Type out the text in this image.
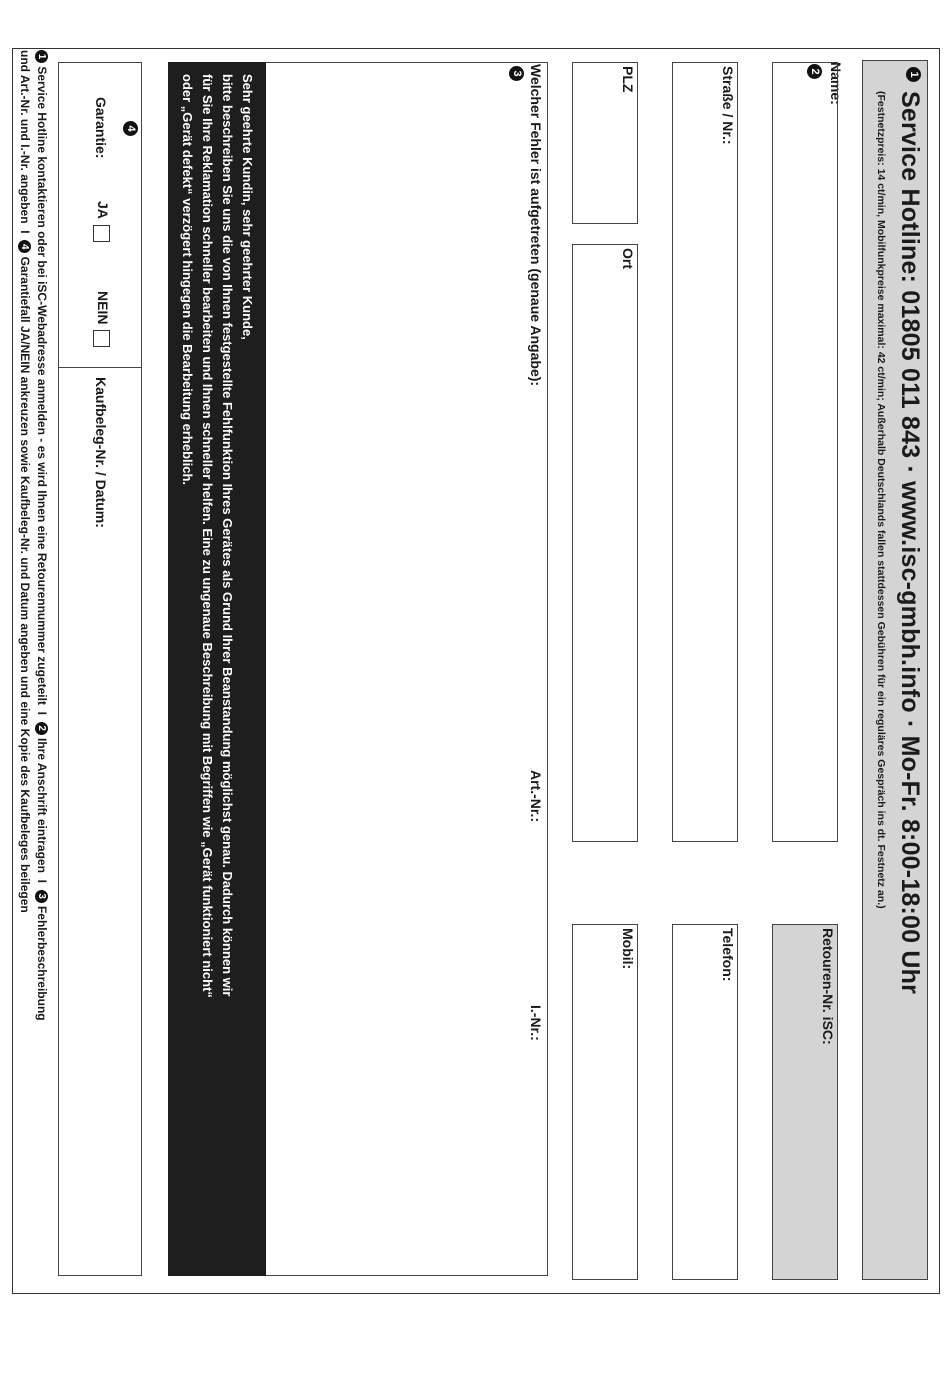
1
Service Hotline: 01805 011 843 · www.isc-gmbh.info · Mo-Fr. 8:00-18:00 Uhr
(Festnetzpreis: 14 ct/min, Mobilfunkpreise maximal: 42 ct/min; Außerhalb Deutschlands fallen stattdessen Gebühren für ein reguläres Gespräch ins dt. Festnetz an.)
Name:
2
Retouren-Nr. iSC:
Straße / Nr.:
Telefon:
PLZ
Ort
Mobil:
Welcher Fehler ist aufgetreten (genaue Angabe):
3
Art.-Nr.:
I.-Nr.:
Sehr geehrte Kundin, sehr geehrter Kunde,
bitte beschreiben Sie uns die von Ihnen festgestellte Fehlfunktion Ihres Gerätes als Grund Ihrer Beanstandung möglichst genau. Dadurch können wir
für Sie Ihre Reklamation schneller bearbeiten und Ihnen schneller helfen. Eine zu ungenaue Beschreibung mit Begriffen wie „Gerät funktioniert nicht“
oder „Gerät defekt“ verzögert hingegen die Bearbeitung erheblich.
4
Garantie:
JA
NEIN
Kaufbeleg-Nr. / Datum:
1 Service Hotline kontaktieren oder bei iSC-Webadresse anmelden - es wird Ihnen eine Retourennummer zugeteilt  I  2 Ihre Anschrift eintragen  I  3 Fehlerbeschreibung
und Art.-Nr. und I.-Nr. angeben  I  4 Garantiefall JA/NEIN ankreuzen sowie Kaufbeleg-Nr. und Datum angeben und eine Kopie des Kaufbeleges beilegen
